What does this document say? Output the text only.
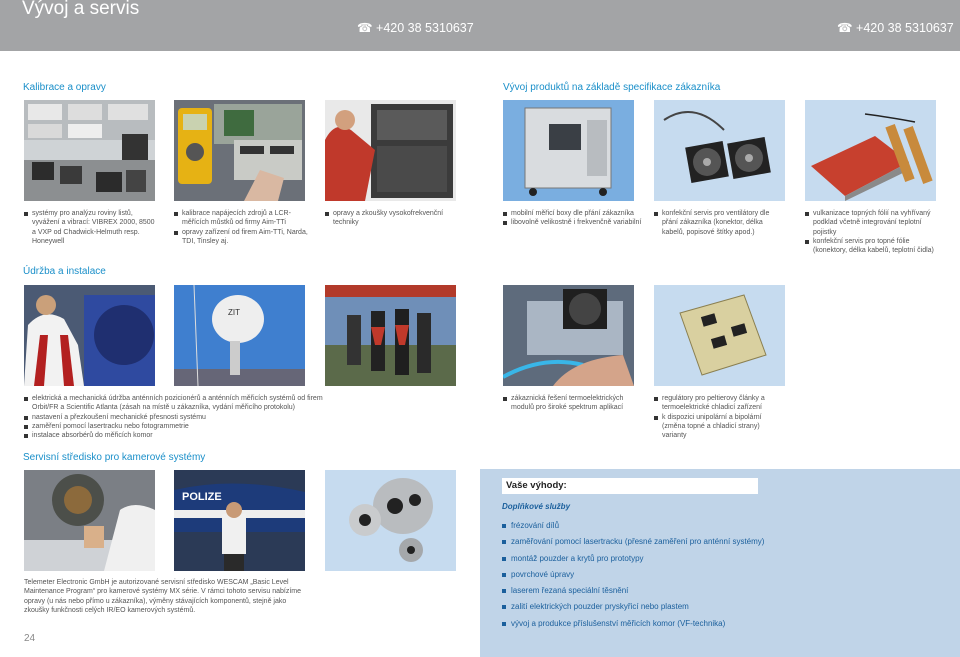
Vývoj a servis
☎ +420 38 5310637	☎ +420 38 5310637
Kalibrace a opravy	Vývoj produktů na základě specifikace zákazníka
systémy pro analýzu roviny listů, vyvážení a vibrací: VIBREX 2000, 8500 a VXP od Chadwick-Helmuth resp. Honeywell
kalibrace napájecích zdrojů a LCR-měřících můstků od firmy Aim-TTi
opravy zařízení od firem Aim-TTi, Narda, TDI, Tinsley aj.
opravy a zkoušky vysokofrekvenční techniky
mobilní měřicí boxy dle přání zákazníka
libovolně velikostně i frekvenčně variabilní
konfekční servis pro ventilátory dle přání zákazníka (konektor, délka kabelů, popisové štítky apod.)
vulkanizace topných fólií na vyhřívaný podklad včetně integrování teplotní pojistky
konfekční servis pro topné fólie (konektory, délka kabelů, teplotní čidla)
Údržba a instalace
ZIT
elektrická a mechanická údržba anténních pozicionérů a anténních měřicích systémů od firem Orbit/FR a Scientific Atlanta (zásah na místě u zákazníka, vydání měřicího protokolu)
nastavení a přezkoušení mechanické přesnosti systému
zaměření pomocí lasertracku nebo fotogrammetrie
instalace absorbérů do měřicích komor
zákaznická řešení termoelektrických modulů pro široké spektrum aplikací
regulátory pro peltierovy články a termoelektrické chladicí zařízení
k dispozici unipolární a bipolární (změna topné a chladicí strany) varianty
Servisní středisko pro kamerové systémy
POLIZE
Telemeter Electronic GmbH je autorizované servisní středisko WESCAM „Basic Level Maintenance Program“ pro kamerové systémy MX série. V rámci tohoto servisu nabízíme opravy (u nás nebo přímo u zákazníka), výměny stávajících komponentů, stejně jako zkoušky funkčnosti celých IR/EO kamerových systémů.
Vaše výhody:
Doplňkové služby
frézování dílů
zaměřování pomocí lasertracku (přesné zaměření pro anténní systémy)
montáž pouzder a krytů pro prototypy
povrchové úpravy
laserem řezaná speciální těsnění
zalití elektrických pouzder pryskyřicí nebo plastem
vývoj a produkce příslušenství měřicích komor (VF-technika)
24
